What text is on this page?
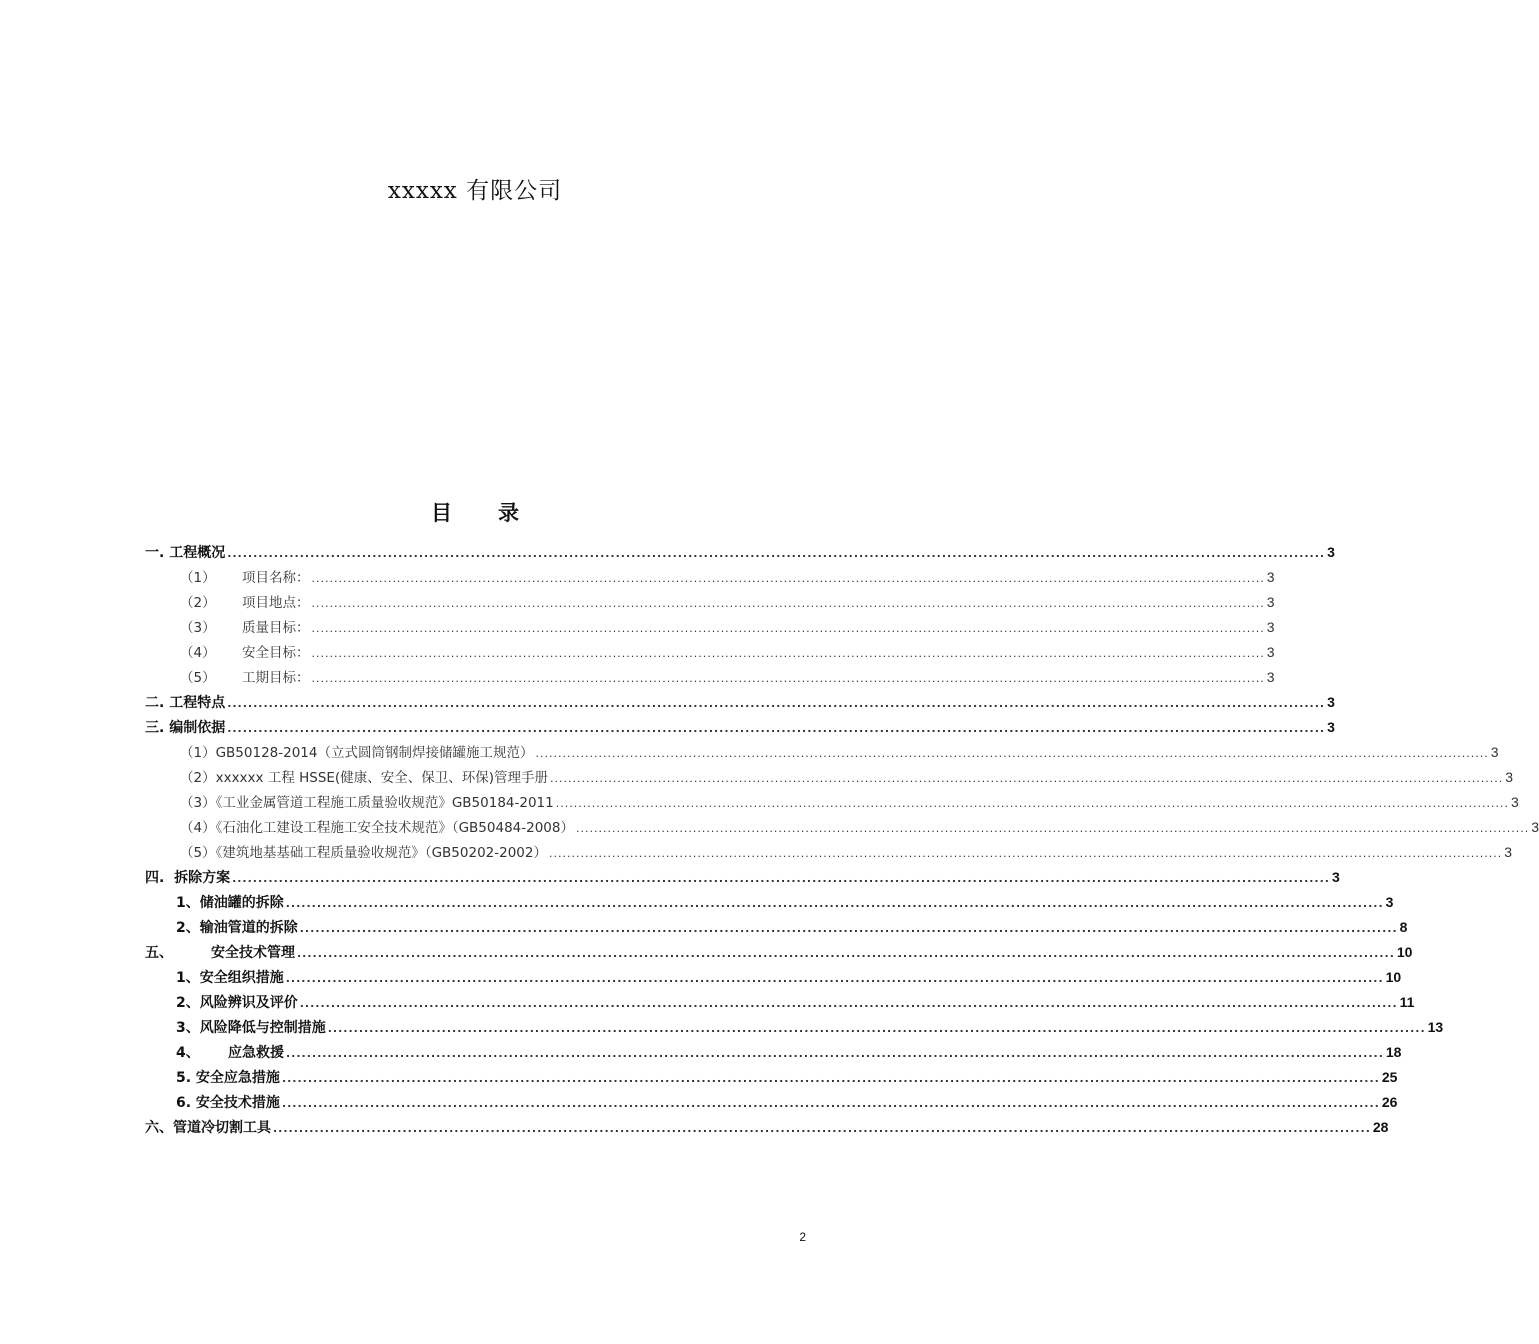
xxxxx 有限公司
目 录
一. 工程概况 .................................................................................................................................................................................................................... 3
（1） 项目名称： .................................................................................................................................................................................................................... 3
（2） 项目地点： .................................................................................................................................................................................................................... 3
（3） 质量目标： .................................................................................................................................................................................................................... 3
（4） 安全目标： .................................................................................................................................................................................................................... 3
（5） 工期目标： .................................................................................................................................................................................................................... 3
二. 工程特点 .................................................................................................................................................................................................................... 3
三. 编制依据 .................................................................................................................................................................................................................... 3
（1）GB50128-2014（立式圆筒钢制焊接储罐施工规范） .................................................................................................................................................................................................................... 3
（2）xxxxxx 工程 HSSE(健康、安全、保卫、环保)管理手册 .................................................................................................................................................................................................................... 3
（3）《工业金属管道工程施工质量验收规范》GB50184-2011 .................................................................................................................................................................................................................... 3
（4）《石油化工建设工程施工安全技术规范》（GB50484-2008） .................................................................................................................................................................................................................... 3
（5）《建筑地基基础工程质量验收规范》（GB50202-2002） .................................................................................................................................................................................................................... 3
四.  拆除方案 .................................................................................................................................................................................................................... 3
1、储油罐的拆除 .................................................................................................................................................................................................................... 3
2、输油管道的拆除 .................................................................................................................................................................................................................... 8
五、	安全技术管理 .................................................................................................................................................................................................................... 10
1、安全组织措施 .................................................................................................................................................................................................................... 10
2、风险辨识及评价 .................................................................................................................................................................................................................... 11
3、风险降低与控制措施 .................................................................................................................................................................................................................... 13
4、 应急救援 .................................................................................................................................................................................................................... 18
5. 安全应急措施 .................................................................................................................................................................................................................... 25
6. 安全技术措施 .................................................................................................................................................................................................................... 26
六、管道冷切割工具 .................................................................................................................................................................................................................... 28
2
